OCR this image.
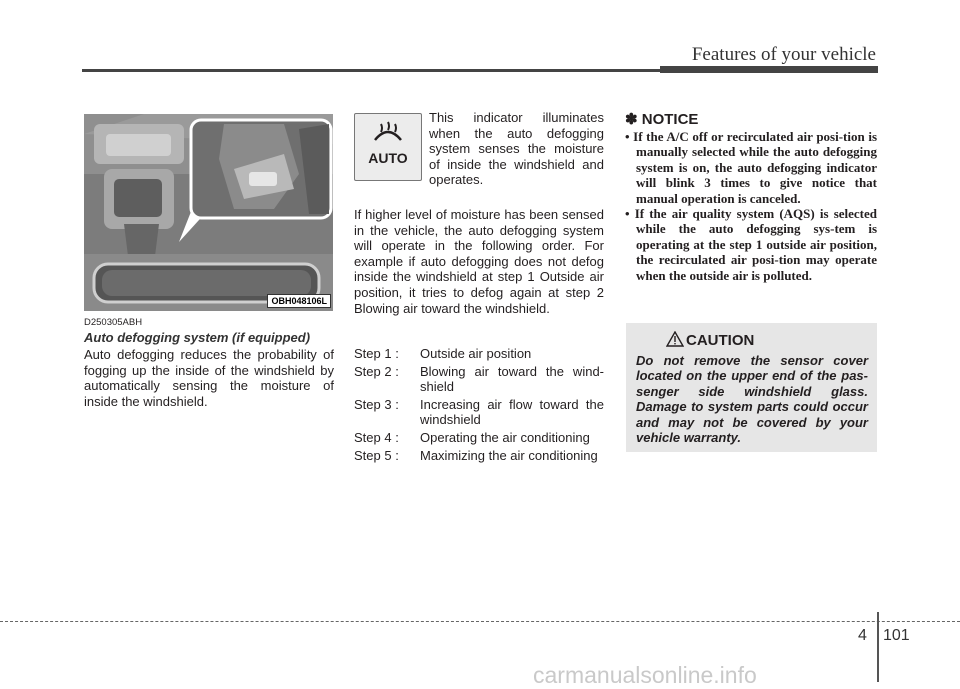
Features of your vehicle
OBH048106L
D250305ABH
Auto defogging system (if equipped)
Auto defogging reduces the probability of fogging up the inside of the windshield by automatically sensing the moisture of inside the windshield.
AUTO
This indicator illuminates when the auto defogging system senses the moisture of inside the windshield and operates.
If higher level of moisture has been sensed in the vehicle, the auto defogging system will operate in the following order. For example if auto defogging does not defog inside the windshield at step 1 Outside air position, it tries to defog again at step 2 Blowing air toward the windshield.
Step 1 :	Outside air position
Step 2 :	Blowing air toward the wind-shield
Step 3 :	Increasing air flow toward the windshield
Step 4 :	Operating the air conditioning
Step 5 :	Maximizing the air conditioning
✽ NOTICE
• If the A/C off or recirculated air posi-tion is manually selected while the auto defogging system is on, the auto defogging indicator will blink 3 times to give notice that manual operation is canceled.
• If the air quality system (AQS) is selected while the auto defogging sys-tem is operating at the step 1 outside air position, the recirculated air posi-tion may operate when the outside air is polluted.
CAUTION
Do not remove the sensor cover located on the upper end of the pas-senger side windshield glass. Damage to system parts could occur and may not be covered by your vehicle warranty.
4 101
carmanualsonline.info
